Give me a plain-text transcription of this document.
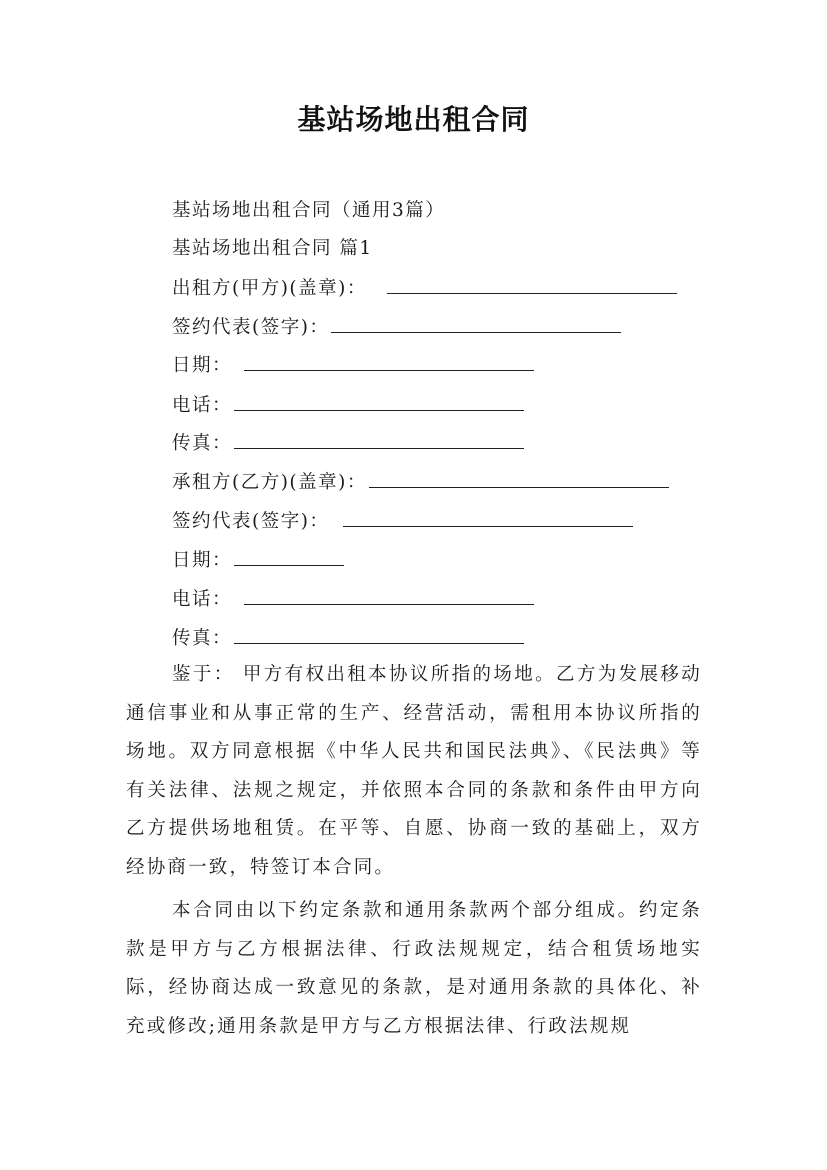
基站场地出租合同
基站场地出租合同（通用3篇）
基站场地出租合同 篇1
出租方(甲方)(盖章)：
签约代表(签字)：
日期：
电话：
传真：
承租方(乙方)(盖章)：
签约代表(签字)：
日期：
电话：
传真：

鉴于： 甲方有权出租本协议所指的场地。乙方为发展移动通信事业和从事正常的生产、经营活动，需租用本协议所指的场地。双方同意根据《中华人民共和国民法典》、《民法典》等有关法律、法规之规定，并依照本合同的条款和条件由甲方向乙方提供场地租赁。在平等、自愿、协商一致的基础上，双方经协商一致，特签订本合同。

本合同由以下约定条款和通用条款两个部分组成。约定条款是甲方与乙方根据法律、行政法规规定，结合租赁场地实际，经协商达成一致意见的条款，是对通用条款的具体化、补充或修改;通用条款是甲方与乙方根据法律、行政法规规
